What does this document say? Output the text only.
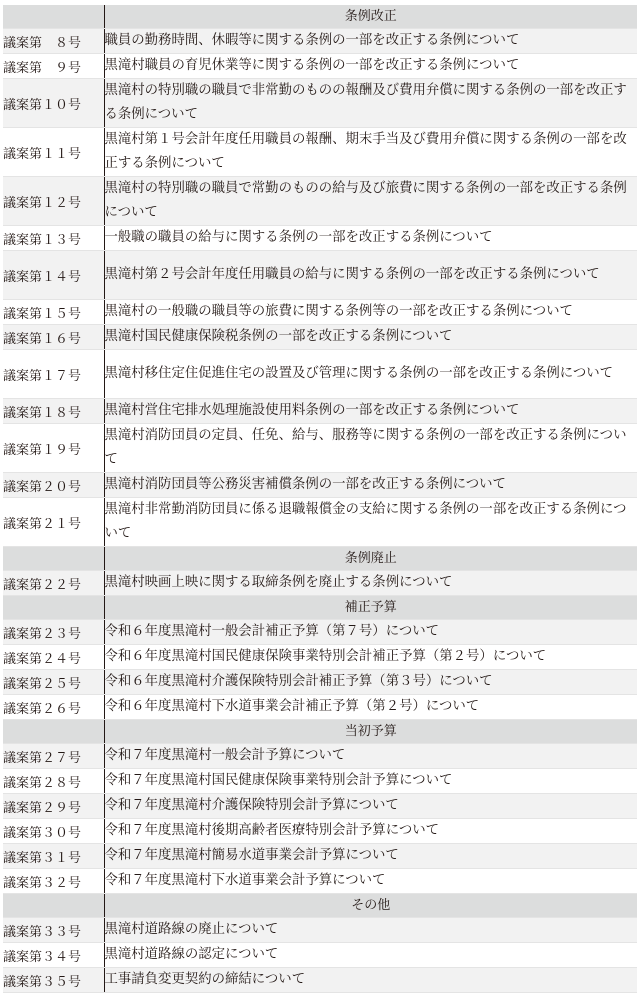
	条例改正
議案第　８号	職員の勤務時間、休暇等に関する条例の一部を改正する条例について
議案第　９号	黒滝村職員の育児休業等に関する条例の一部を改正する条例について
議案第１０号	黒滝村の特別職の職員で非常勤のものの報酬及び費用弁償に関する条例の一部を改正する条例について
議案第１１号	黒滝村第１号会計年度任用職員の報酬、期末手当及び費用弁償に関する条例の一部を改正する条例について
議案第１２号	黒滝村の特別職の職員で常勤のものの給与及び旅費に関する条例の一部を改正する条例について
議案第１３号	一般職の職員の給与に関する条例の一部を改正する条例について
議案第１４号	黒滝村第２号会計年度任用職員の給与に関する条例の一部を改正する条例について
議案第１５号	黒滝村の一般職の職員等の旅費に関する条例等の一部を改正する条例について
議案第１６号	黒滝村国民健康保険税条例の一部を改正する条例について
議案第１７号	黒滝村移住定住促進住宅の設置及び管理に関する条例の一部を改正する条例について
議案第１８号	黒滝村営住宅排水処理施設使用料条例の一部を改正する条例について
議案第１９号	黒滝村消防団員の定員、任免、給与、服務等に関する条例の一部を改正する条例について
議案第２０号	黒滝村消防団員等公務災害補償条例の一部を改正する条例について
議案第２１号	黒滝村非常勤消防団員に係る退職報償金の支給に関する条例の一部を改正する条例について
	条例廃止
議案第２２号	黒滝村映画上映に関する取締条例を廃止する条例について
	補正予算
議案第２３号	令和６年度黒滝村一般会計補正予算（第７号）について
議案第２４号	令和６年度黒滝村国民健康保険事業特別会計補正予算（第２号）について
議案第２５号	令和６年度黒滝村介護保険特別会計補正予算（第３号）について
議案第２６号	令和６年度黒滝村下水道事業会計補正予算（第２号）について
	当初予算
議案第２７号	令和７年度黒滝村一般会計予算について
議案第２８号	令和７年度黒滝村国民健康保険事業特別会計予算について
議案第２９号	令和７年度黒滝村介護保険特別会計予算について
議案第３０号	令和７年度黒滝村後期高齢者医療特別会計予算について
議案第３１号	令和７年度黒滝村簡易水道事業会計予算について
議案第３２号	令和７年度黒滝村下水道事業会計予算について
	その他
議案第３３号	黒滝村道路線の廃止について
議案第３４号	黒滝村道路線の認定について
議案第３５号	工事請負変更契約の締結について
